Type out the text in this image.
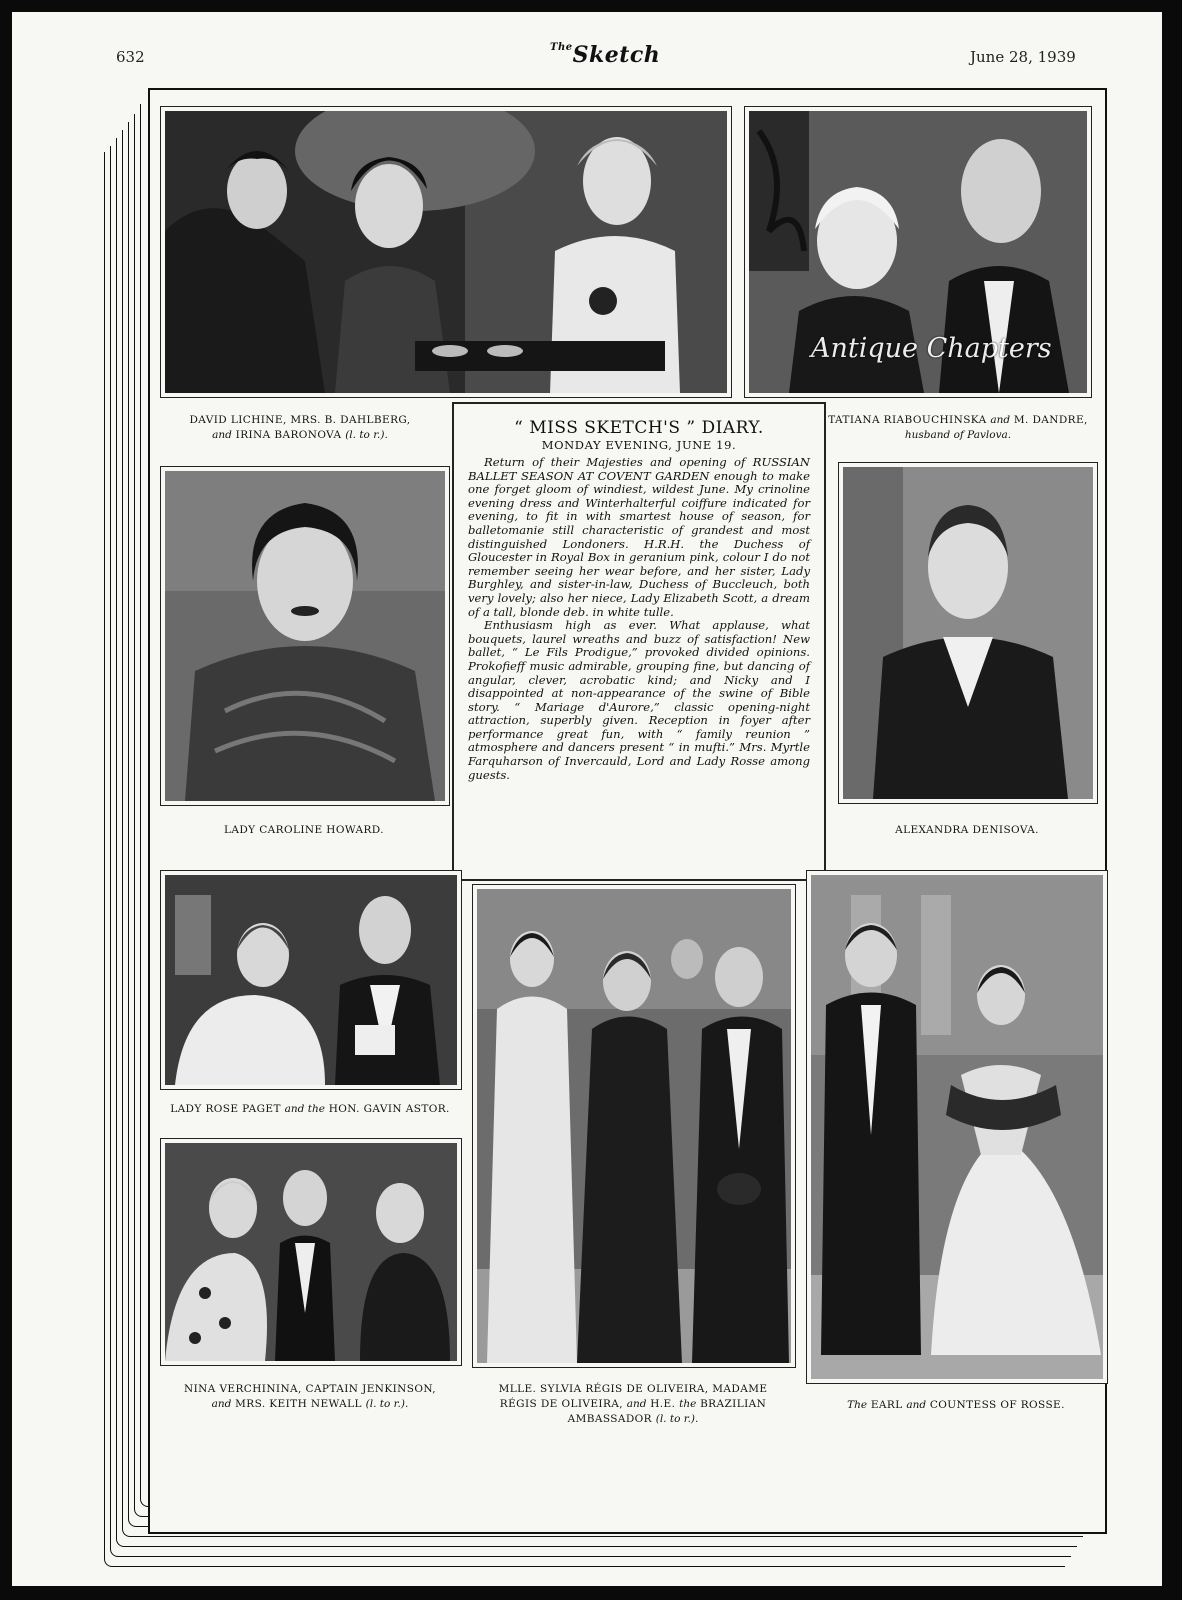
632
$^{The}$Sketch	June 28, 1939
Antique Chapters
DAVID LICHINE, MRS. B. DAHLBERG,
and IRINA BARONOVA (l. to r.).
TATIANA RIABOUCHINSKA and M. DANDRE,
husband of Pavlova.
“ MISS SKETCH'S ” DIARY.
MONDAY EVENING, JUNE 19.

Return of their Majesties and opening of RUSSIAN BALLET SEASON AT COVENT GARDEN enough to make one forget gloom of windiest, wildest June. My crinoline evening dress and Winterhalterful coiffure indicated for evening, to fit in with smartest house of season, for balletomanie still characteristic of grandest and most distinguished Londoners. H.R.H. the Duchess of Gloucester in Royal Box in geranium pink, colour I do not remember seeing her wear before, and her sister, Lady Burghley, and sister-in-law, Duchess of Buccleuch, both very lovely; also her niece, Lady Elizabeth Scott, a dream of a tall, blonde deb. in white tulle.

Enthusiasm high as ever. What applause, what bouquets, laurel wreaths and buzz of satisfaction! New ballet, “ Le Fils Prodigue,” provoked divided opinions. Prokofieff music admirable, grouping fine, but dancing of angular, clever, acrobatic kind; and Nicky and I disappointed at non-appearance of the swine of Bible story. “ Mariage d'Aurore,” classic opening-night attraction, superbly given. Reception in foyer after performance great fun, with “ family reunion ” atmosphere and dancers present “ in mufti.” Mrs. Myrtle Farquharson of Invercauld, Lord and Lady Rosse among guests.

LADY CAROLINE HOWARD.	ALEXANDRA DENISOVA.
LADY ROSE PAGET and the HON. GAVIN ASTOR.
NINA VERCHININA, CAPTAIN JENKINSON,
and MRS. KEITH NEWALL (l. to r.).
MLLE. SYLVIA RÉGIS DE OLIVEIRA, MADAME
RÉGIS DE OLIVEIRA, and H.E. the BRAZILIAN
AMBASSADOR (l. to r.).
The EARL and COUNTESS OF ROSSE.
